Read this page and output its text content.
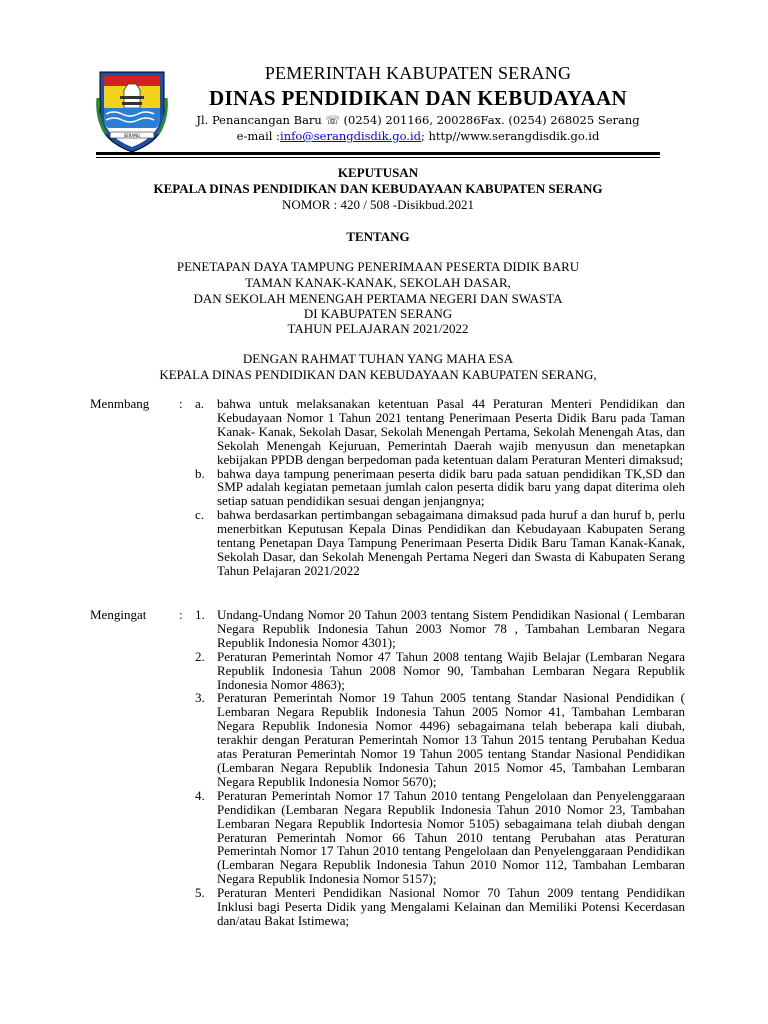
SERANG
PEMERINTAH KABUPATEN SERANG
DINAS PENDIDIKAN DAN KEBUDAYAAN
Jl. Penancangan Baru ☏ (0254) 201166, 200286Fax. (0254) 268025 Serang
e-mail :info@serangdisdik.go.id; http//www.serangdisdik.go.id
KEPUTUSAN
KEPALA DINAS PENDIDIKAN DAN KEBUDAYAAN KABUPATEN SERANG
NOMOR : 420 / 508 -Disikbud.2021
TENTANG
PENETAPAN DAYA TAMPUNG PENERIMAAN PESERTA DIDIK BARU
TAMAN KANAK-KANAK, SEKOLAH DASAR,
DAN SEKOLAH MENENGAH PERTAMA NEGERI DAN SWASTA
DI KABUPATEN SERANG
TAHUN PELAJARAN 2021/2022
DENGAN RAHMAT TUHAN YANG MAHA ESA
KEPALA DINAS PENDIDIKAN DAN KEBUDAYAAN KABUPATEN SERANG,
Menmbang	: a. bahwa untuk melaksanakan ketentuan Pasal 44 Peraturan Menteri Pendidikan dan Kebudayaan Nomor 1 Tahun 2021 tentang Penerimaan Peserta Didik Baru pada Taman Kanak- Kanak, Sekolah Dasar, Sekolah Menengah Pertama, Sekolah Menengah Atas, dan Sekolah Menengah Kejuruan, Pemerintah Daerah wajib menyusun dan menetapkan kebijakan PPDB dengan berpedoman pada ketentuan dalam Peraturan Menteri dimaksud;

b. bahwa daya tampung penerimaan peserta didik baru pada satuan pendidikan TK,SD dan SMP adalah kegiatan pemetaan jumlah calon peserta didik baru yang dapat diterima oleh setiap satuan pendidikan sesuai dengan jenjangnya;

c. bahwa berdasarkan pertimbangan sebagaimana dimaksud pada huruf a dan huruf b, perlu menerbitkan Keputusan Kepala Dinas Pendidikan dan Kebudayaan Kabupaten Serang tentang Penetapan Daya Tampung Penerimaan Peserta Didik Baru Taman Kanak-Kanak, Sekolah Dasar, dan Sekolah Menengah Pertama Negeri dan Swasta di Kabupaten Serang Tahun Pelajaran 2021/2022

Mengingat	: 1. Undang-Undang Nomor 20 Tahun 2003 tentang Sistem Pendidikan Nasional ( Lembaran Negara Republik Indonesia Tahun 2003 Nomor 78 , Tambahan Lembaran Negara Republik Indonesia Nomor 4301);

2. Peraturan Pemerintah Nomor 47 Tahun 2008 tentang Wajib Belajar (Lembaran Negara Republik Indonesia Tahun 2008 Nomor 90, Tambahan Lembaran Negara Republik Indonesia Nomor 4863);

3. Peraturan Pemerintah Nomor 19 Tahun 2005 tentang Standar Nasional Pendidikan ( Lembaran Negara Republik Indonesia Tahun 2005 Nomor 41, Tambahan Lembaran Negara Republik Indonesia Nomor 4496) sebagaimana telah beberapa kali diubah, terakhir dengan Peraturan Pemerintah Nomor 13 Tahun 2015 tentang Perubahan Kedua atas Peraturan Pemerintah Nomor 19 Tahun 2005 tentang Standar Nasional Pendidikan (Lembaran Negara Republik Indonesia Tahun 2015 Nomor 45, Tambahan Lembaran Negara Republik Indonesia Nomor 5670);

4. Peraturan Pemerintah Nomor 17 Tahun 2010 tentang Pengelolaan dan Penyelenggaraan Pendidikan (Lembaran Negara Republik Indonesia Tahun 2010 Nomor 23, Tambahan Lembaran Negara Republik Indortesia Nomor 5105) sebagaimana telah diubah dengan Peraturan Pemerintah Nomor 66 Tahun 2010 tentang Perubahan atas Peraturan Pemerintah Nomor 17 Tahun 2010 tentang Pengelolaan dan Penyelenggaraan Pendidikan (Lembaran Negara Republik Indonesia Tahun 2010 Nomor 112, Tambahan Lembaran Negara Republik Indonesia Nomor 5157);

5. Peraturan Menteri Pendidikan Nasional Nomor 70 Tahun 2009 tentang Pendidikan Inklusi bagi Peserta Didik yang Mengalami Kelainan dan Memiliki Potensi Kecerdasan dan/atau Bakat Istimewa;
